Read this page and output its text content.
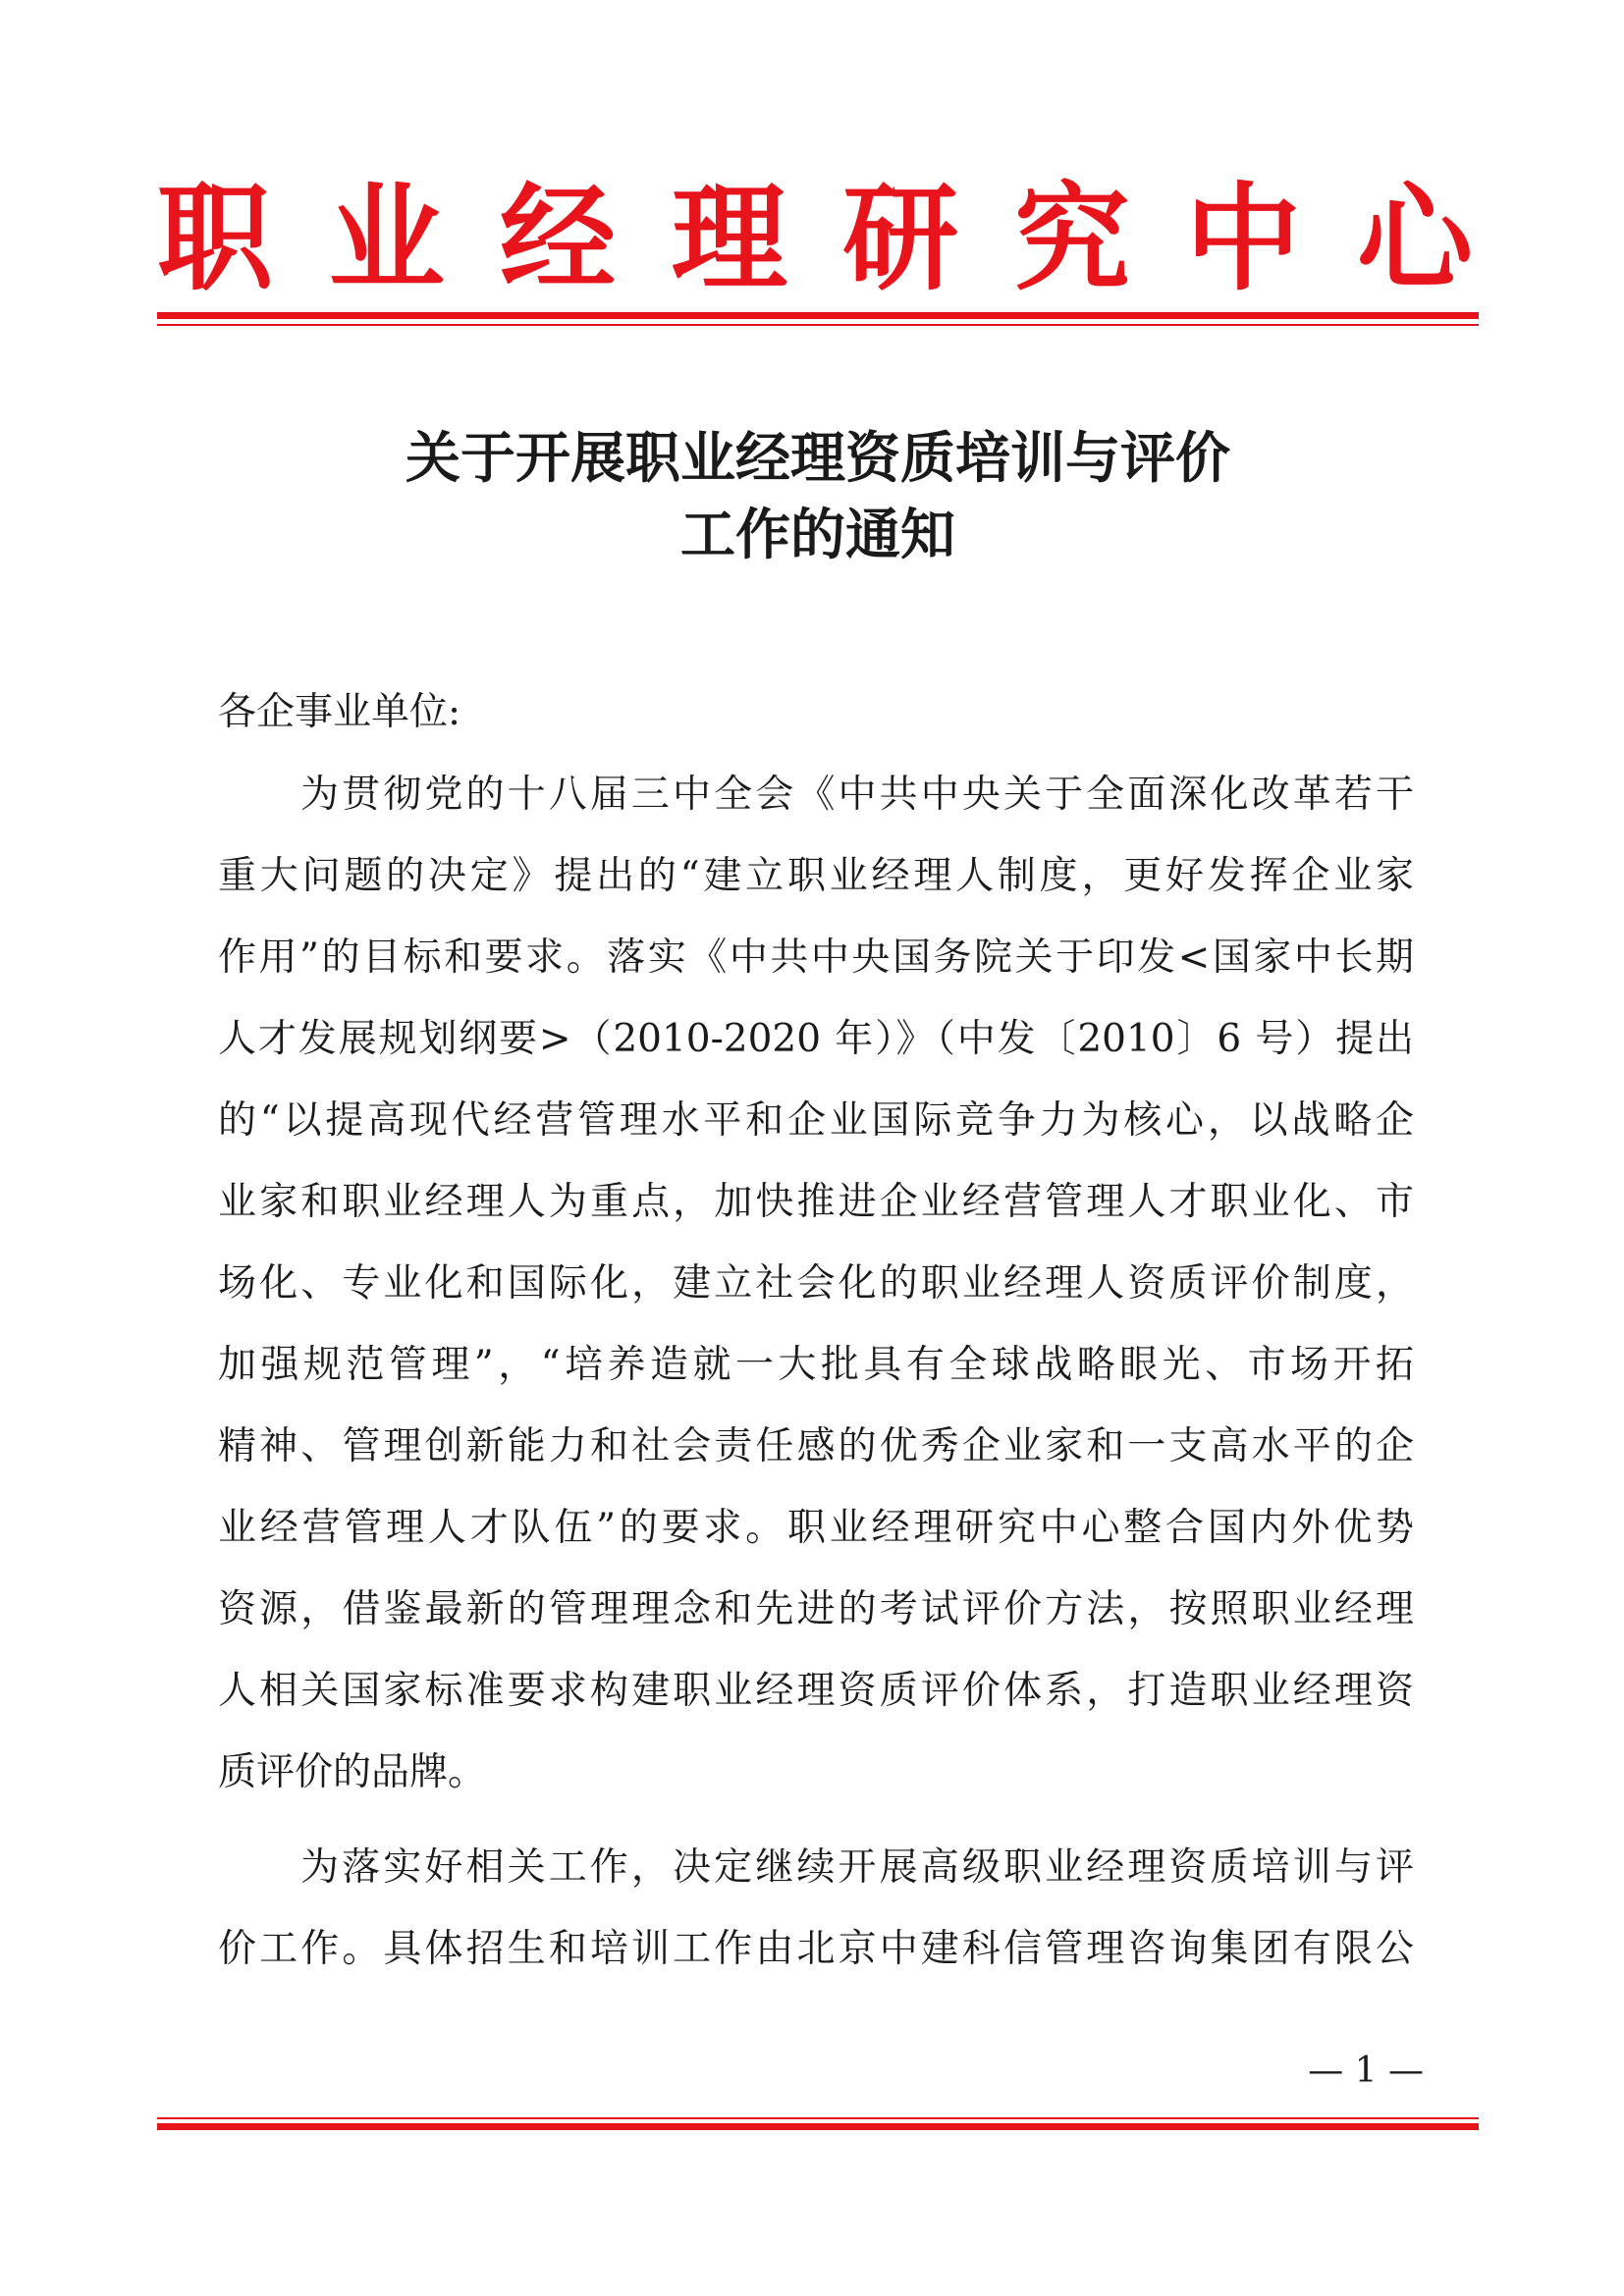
职业经理研究中心
关于开展职业经理资质培训与评价
工作的通知

各企事业单位:

为贯彻党的十八届三中全会《中共中央关于全面深化改革若干

重大问题的决定》提出的“建立职业经理人制度，更好发挥企业家

作用”的目标和要求。落实《中共中央国务院关于印发<国家中长期

人才发展规划纲要>（2010-2020 年）》（中发〔2010〕6 号）提出

的“以提高现代经营管理水平和企业国际竞争力为核心，以战略企

业家和职业经理人为重点，加快推进企业经营管理人才职业化、市

场化、专业化和国际化，建立社会化的职业经理人资质评价制度，

加强规范管理”，“培养造就一大批具有全球战略眼光、市场开拓

精神、管理创新能力和社会责任感的优秀企业家和一支高水平的企

业经营管理人才队伍”的要求。职业经理研究中心整合国内外优势

资源，借鉴最新的管理理念和先进的考试评价方法，按照职业经理

人相关国家标准要求构建职业经理资质评价体系，打造职业经理资

质评价的品牌。

为落实好相关工作，决定继续开展高级职业经理资质培训与评

价工作。具体招生和培训工作由北京中建科信管理咨询集团有限公

— 1 —
